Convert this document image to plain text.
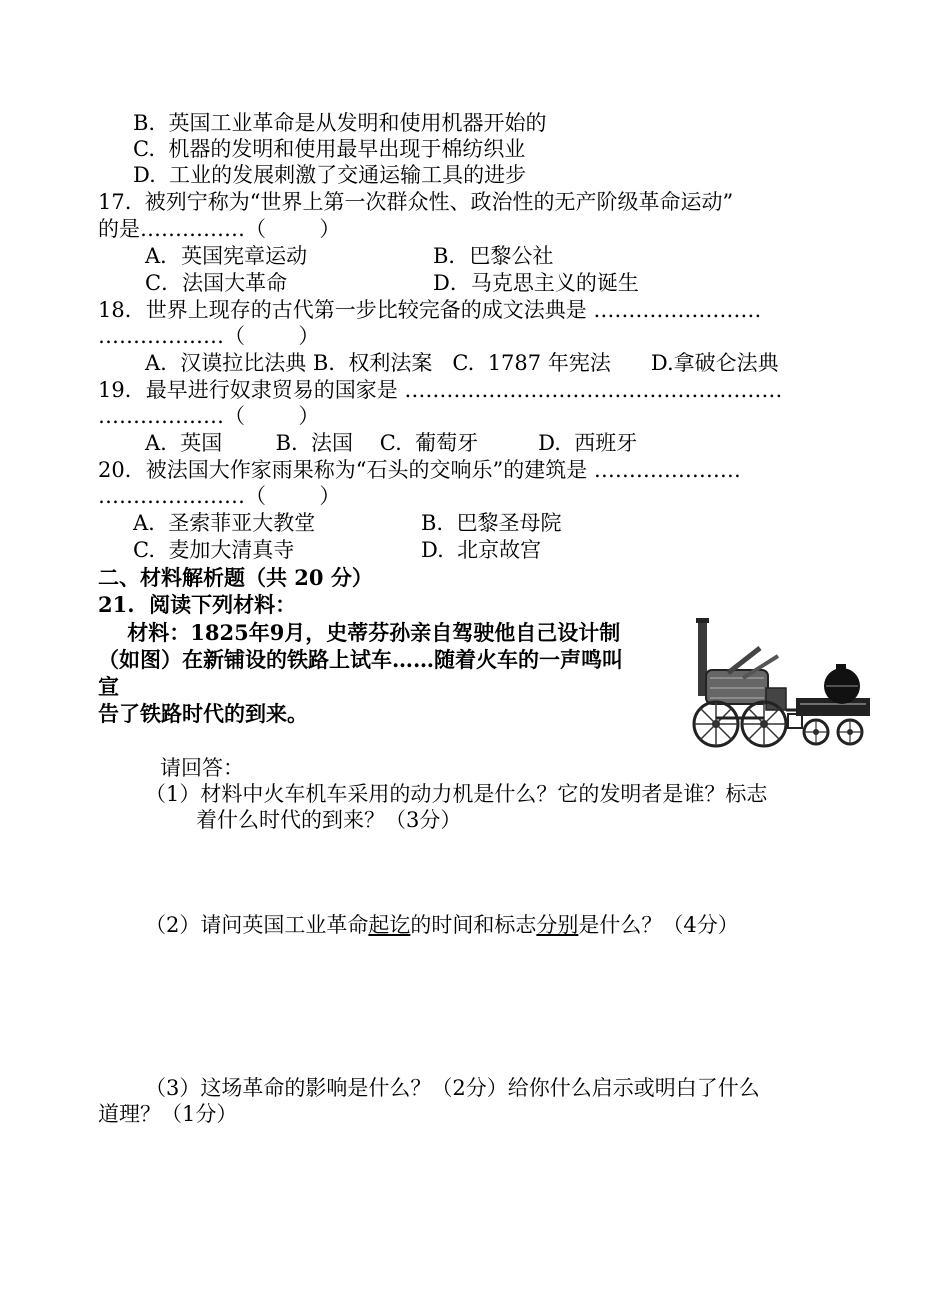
B.  英国工业革命是从发明和使用机器开始的
C.  机器的发明和使用最早出现于棉纺织业
D.  工业的发展刺激了交通运输工具的进步
17.  被列宁称为“世界上第一次群众性、政治性的无产阶级革命运动”
的是……………（        ）
A．英国宪章运动	B．巴黎公社
C．法国大革命	D．马克思主义的诞生
18．世界上现存的古代第一步比较完备的成文法典是 ……………………
………………（        ）
A.  汉谟拉比法典 B.  权利法案   C.  1787 年宪法      D.拿破仑法典
19．最早进行奴隶贸易的国家是 ………………………………………………
………………（        ）
A.  英国        B.  法国    C.  葡萄牙         D.  西班牙
20．被法国大作家雨果称为“石头的交响乐”的建筑是 …………………
…………………（        ）
A.  圣索菲亚大教堂	B.  巴黎圣母院
C.  麦加大清真寺	D.  北京故宫
二、材料解析题（共 20 分）
21.  阅读下列材料：
材料：1825年9月，史蒂芬孙亲自驾驶他自己设计制
（如图）在新铺设的铁路上试车……随着火车的一声鸣叫
宣
告了铁路时代的到来。
请回答：
（1）材料中火车机车采用的动力机是什么？它的发明者是谁？标志
着什么时代的到来？（3分）
（2）请问英国工业革命起讫的时间和标志分别是什么？（4分）
（3）这场革命的影响是什么？（2分）给你什么启示或明白了什么
道理？（1分）
